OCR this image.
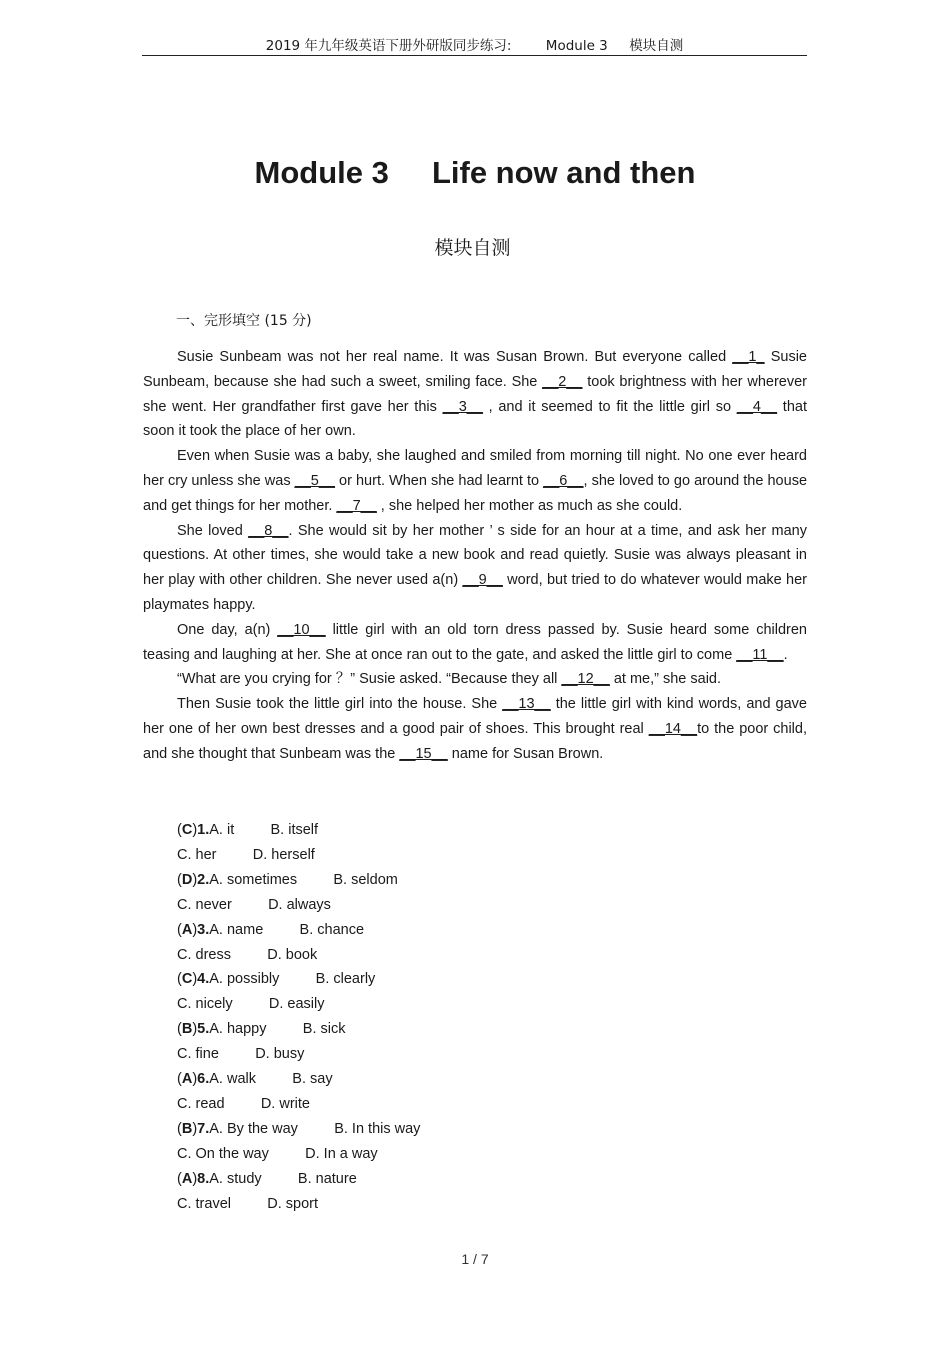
2019 年九年级英语下册外研版同步练习:        Module 3     模块自测
Module 3     Life now and then
模块自测
一、完形填空 (15 分)

Susie Sunbeam was not her real name. It was Susan Brown. But everyone called __1_ Susie Sunbeam, because she had such a sweet, smiling face. She __2__ took brightness with her wherever she went. Her grandfather first gave her this __3__ , and it seemed to fit the little girl so __4__ that soon it took the place of her own.

Even when Susie was a baby, she laughed and smiled from morning till night. No one ever heard her cry unless she was __5__ or hurt. When she had learnt to __6__, she loved to go around the house and get things for her mother. __7__ , she helped her mother as much as she could.

She loved __8__. She would sit by her mother ’ s side for an hour at a time, and ask her many questions. At other times, she would take a new book and read quietly. Susie was always pleasant in her play with other children. She never used a(n) __9__ word, but tried to do whatever would make her playmates happy.

One day, a(n) __10__ little girl with an old torn dress passed by. Susie heard some children teasing and laughing at her. She at once ran out to the gate, and asked the little girl to come __11__.

“What are you crying for ？” Susie asked. “Because they all __12__ at me,” she said.

Then Susie took the little girl into the house. She __13__ the little girl with kind words, and gave her one of her own best dresses and a good pair of shoes. This brought real __14__to the poor child, and she thought that Sunbeam was the __15__ name for Susan Brown.

(C)1.A. it	B. itself
C. her	D. herself
(D)2.A. sometimes	B. seldom
C. never	D. always
(A)3.A. name	B. chance
C. dress	D. book
(C)4.A. possibly	B. clearly
C. nicely	D. easily
(B)5.A. happy	B. sick
C. fine	D. busy
(A)6.A. walk	B. say
C. read	D. write
(B)7.A. By the way	B. In this way
C. On the way	D. In a way
(A)8.A. study	B. nature
C. travel	D. sport
1 / 7
